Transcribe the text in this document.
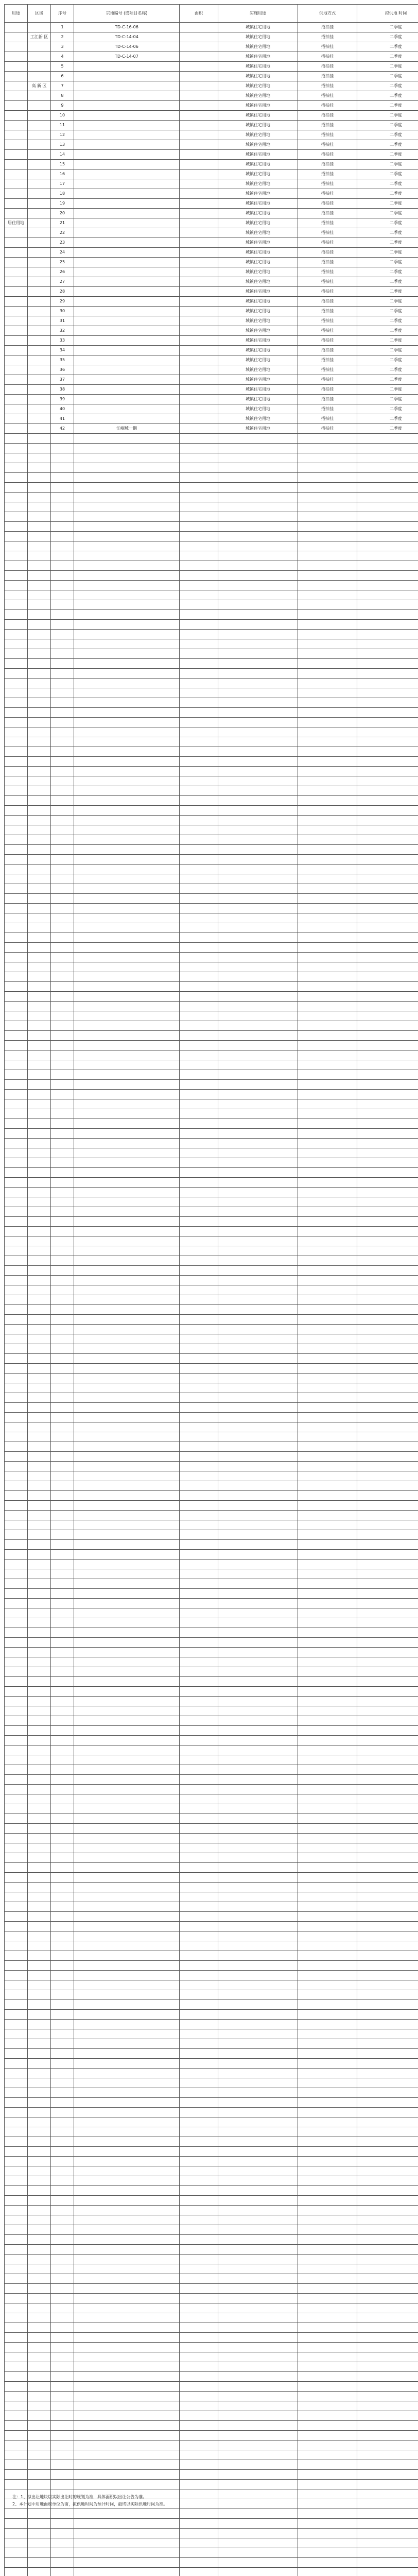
用途	区域	序号	宗地编号 (或项目名称)	面积	实施用途	供地方式	拟供地 时间
		1	TD-C-16-06		城镇住宅用地	招拍挂	二季度
	工江新 区	2	TD-C-14-04		城镇住宅用地	招拍挂	二季度
		3	TD-C-14-06		城镇住宅用地	招拍挂	二季度
		4	TD-C-14-07		城镇住宅用地	招拍挂	二季度
		5			城镇住宅用地	招拍挂	二季度
		6			城镇住宅用地	招拍挂	二季度
	高 新 区	7			城镇住宅用地	招拍挂	二季度
		8			城镇住宅用地	招拍挂	二季度
		9			城镇住宅用地	招拍挂	二季度
		10			城镇住宅用地	招拍挂	二季度
		11			城镇住宅用地	招拍挂	二季度
		12			城镇住宅用地	招拍挂	二季度
		13			城镇住宅用地	招拍挂	二季度
		14			城镇住宅用地	招拍挂	二季度
		15			城镇住宅用地	招拍挂	二季度
		16			城镇住宅用地	招拍挂	二季度
		17			城镇住宅用地	招拍挂	二季度
		18			城镇住宅用地	招拍挂	二季度
		19			城镇住宅用地	招拍挂	二季度
		20			城镇住宅用地	招拍挂	二季度
居住用地		21			城镇住宅用地	招拍挂	二季度
		22			城镇住宅用地	招拍挂	二季度
		23			城镇住宅用地	招拍挂	二季度
		24			城镇住宅用地	招拍挂	二季度
		25			城镇住宅用地	招拍挂	二季度
		26			城镇住宅用地	招拍挂	二季度
		27			城镇住宅用地	招拍挂	二季度
		28			城镇住宅用地	招拍挂	二季度
		29			城镇住宅用地	招拍挂	二季度
		30			城镇住宅用地	招拍挂	二季度
		31			城镇住宅用地	招拍挂	二季度
		32			城镇住宅用地	招拍挂	二季度
		33			城镇住宅用地	招拍挂	二季度
		34			城镇住宅用地	招拍挂	二季度
		35			城镇住宅用地	招拍挂	二季度
		36			城镇住宅用地	招拍挂	二季度
		37			城镇住宅用地	招拍挂	二季度
		38			城镇住宅用地	招拍挂	二季度
		39			城镇住宅用地	招拍挂	二季度
		40			城镇住宅用地	招拍挂	二季度
		41			城镇住宅用地	招拍挂	二季度
		42	江岷城一期		城镇住宅用地	招拍挂	二季度

注：1、拟出让地块以实际出让时的规划为准，具体面积以出让公告为准。
2、本计划中用地面积单位为亩，拟供地时间为预计时间，最终以实际供地时间为准。
